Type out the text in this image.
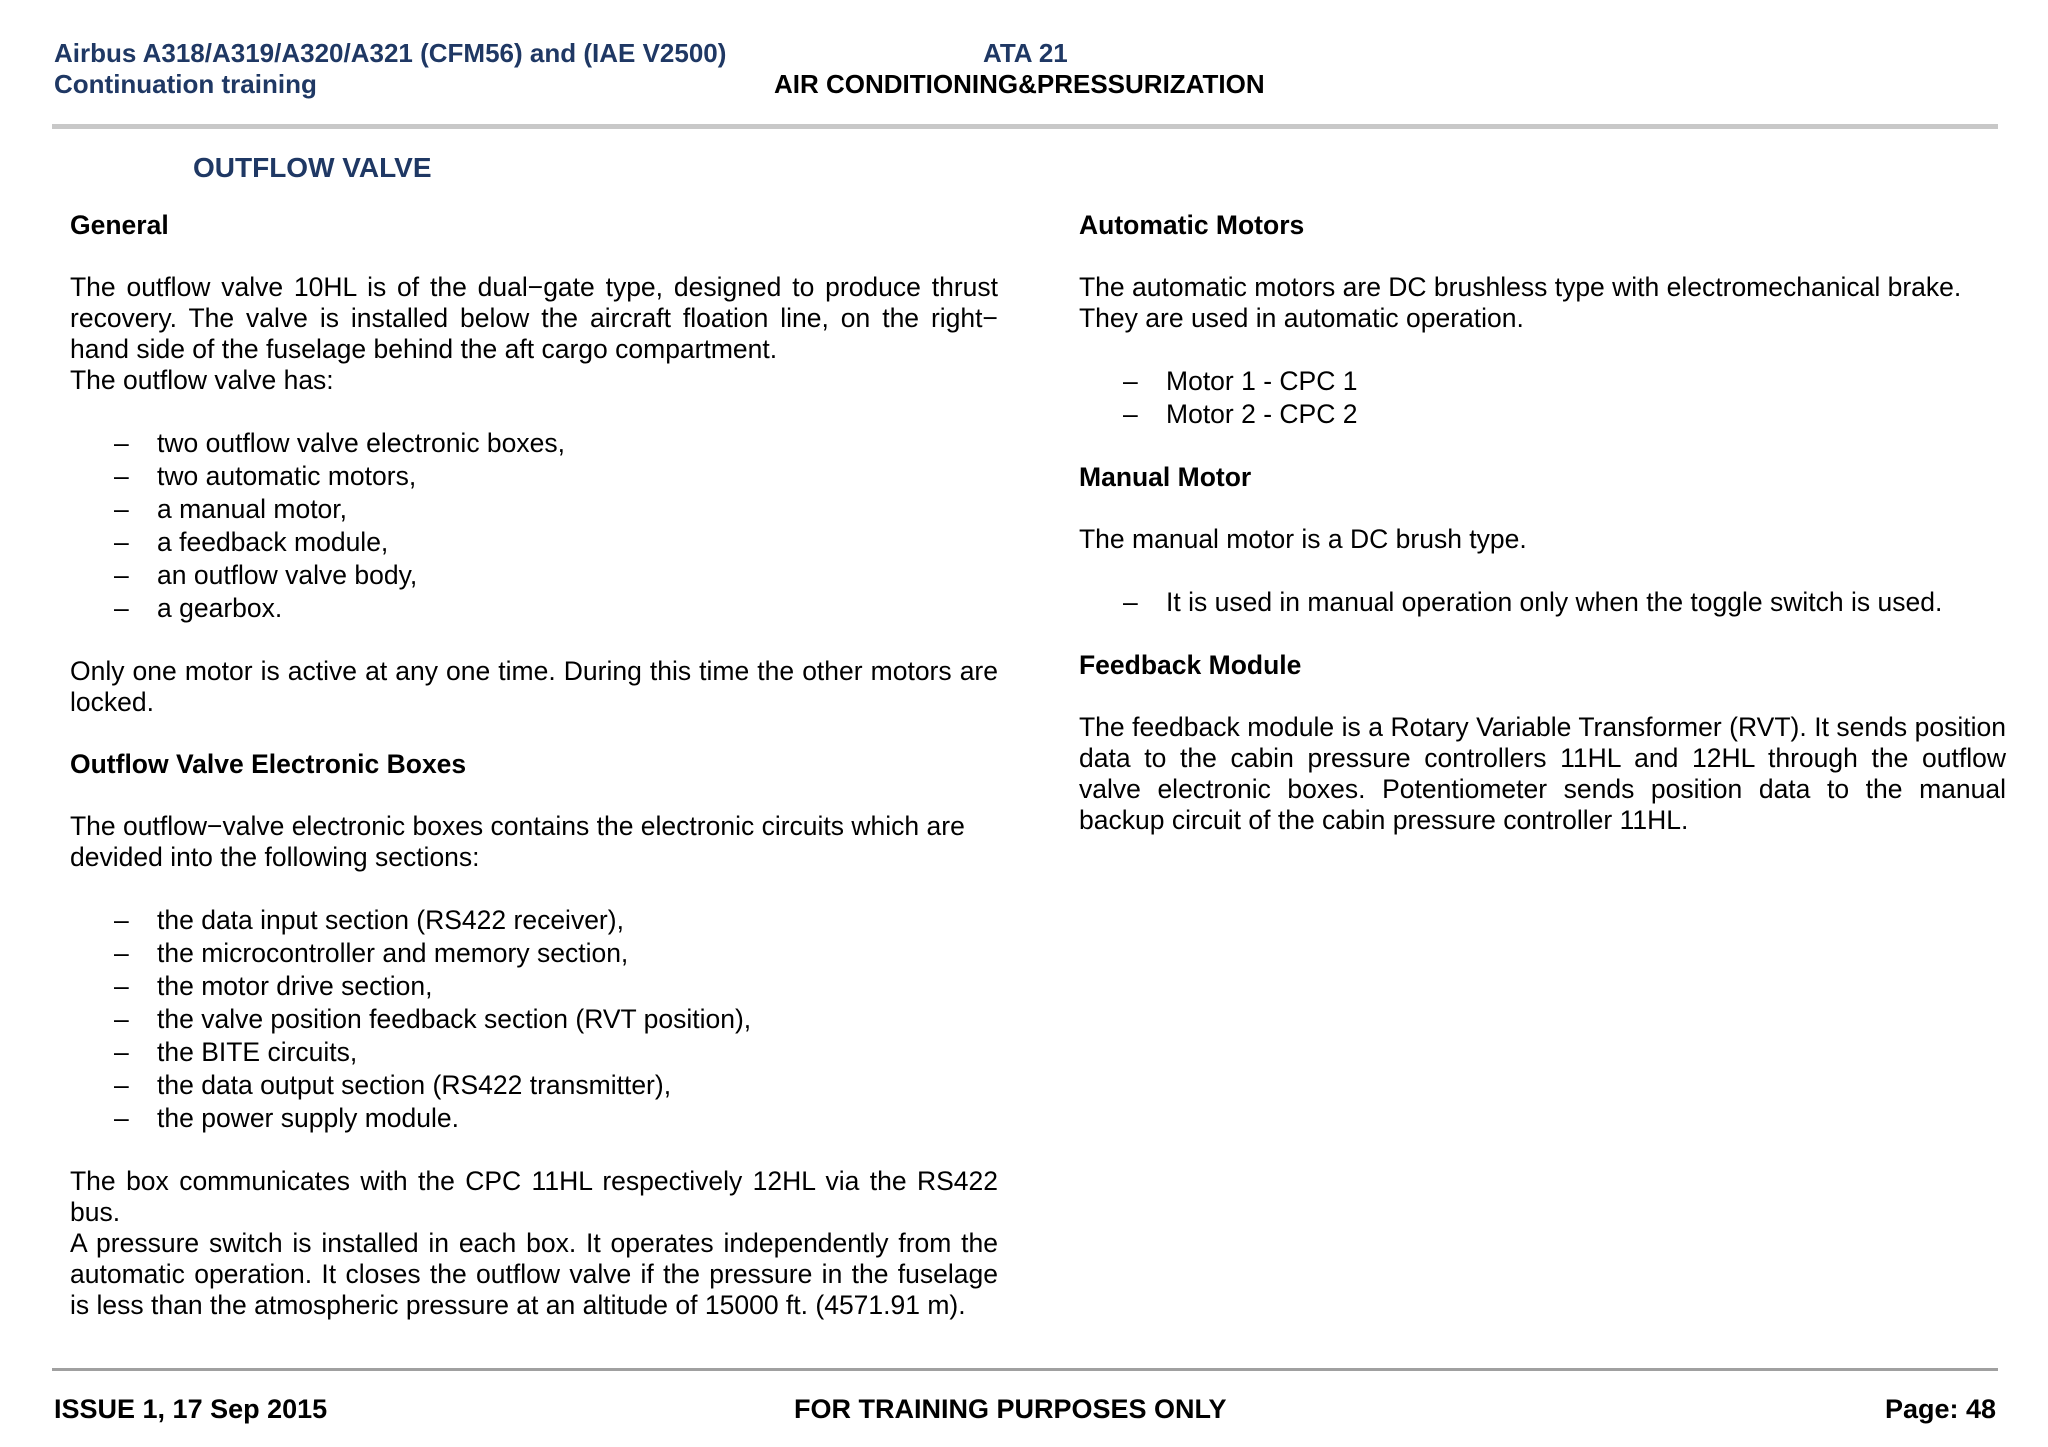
Airbus A318/A319/A320/A321 (CFM56) and (IAE V2500)
Continuation training
ATA 21
AIR CONDITIONING&PRESSURIZATION
OUTFLOW VALVE
General

The outflow valve 10HL is of the dual−gate type, designed to produce thrust recovery. The valve is installed below the aircraft floation line, on the right− hand side of the fuselage behind the aft cargo compartment.

The outflow valve has:

– two outflow valve electronic boxes,
– two automatic motors,
– a manual motor,
– a feedback module,
– an outflow valve body,
– a gearbox.

Only one motor is active at any one time. During this time the other motors are locked.

Outflow Valve Electronic Boxes

The outflow−valve electronic boxes contains the electronic circuits which are devided into the following sections:

– the data input section (RS422 receiver),
– the microcontroller and memory section,
– the motor drive section,
– the valve position feedback section (RVT position),
– the BITE circuits,
– the data output section (RS422 transmitter),
– the power supply module.

The box communicates with the CPC 11HL respectively 12HL via the RS422 bus.

A pressure switch is installed in each box. It operates independently from the automatic operation. It closes the outflow valve if the pressure in the fuselage is less than the atmospheric pressure at an altitude of 15000 ft. (4571.91 m).

Automatic Motors

The automatic motors are DC brushless type with electromechanical brake. They are used in automatic operation.

– Motor 1 - CPC 1
– Motor 2 - CPC 2
Manual Motor

The manual motor is a DC brush type.

– It is used in manual operation only when the toggle switch is used.
Feedback Module

The feedback module is a Rotary Variable Transformer (RVT). It sends position data to the cabin pressure controllers 11HL and 12HL through the outflow valve electronic boxes. Potentiometer sends position data to the manual backup circuit of the cabin pressure controller 11HL.

ISSUE 1, 17 Sep 2015	FOR TRAINING PURPOSES ONLY	Page: 48
